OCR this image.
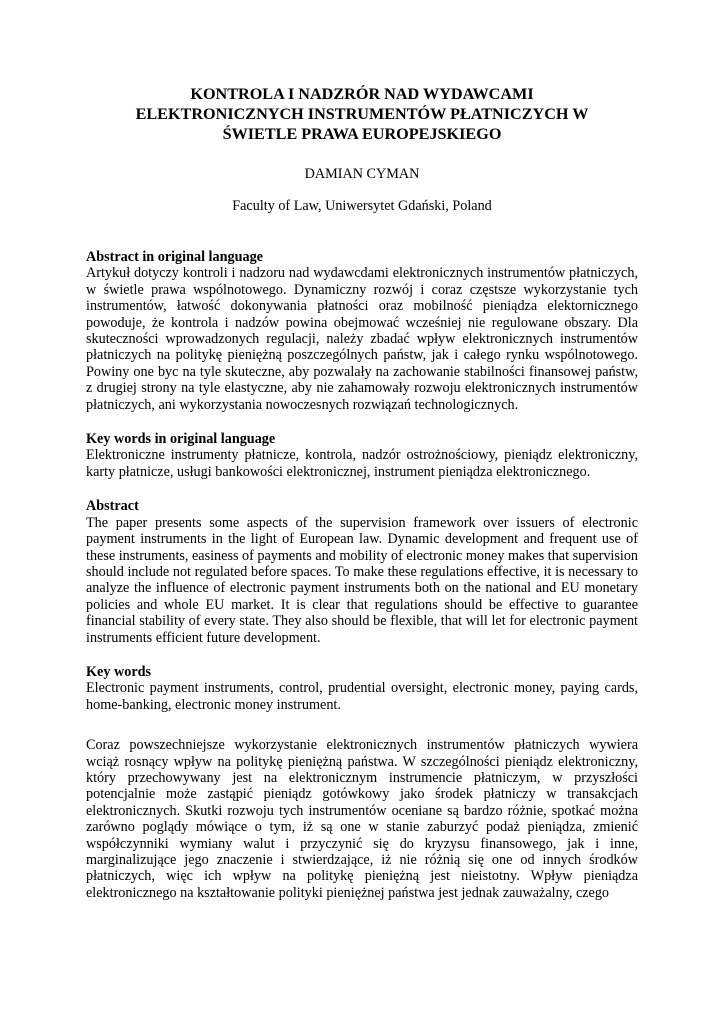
KONTROLA I NADZRÓR NAD WYDAWCAMI
ELEKTRONICZNYCH INSTRUMENTÓW PŁATNICZYCH W
ŚWIETLE PRAWA EUROPEJSKIEGO
DAMIAN CYMAN
Faculty of Law, Uniwersytet Gdański, Poland
Abstract in original language

Artykuł dotyczy kontroli i nadzoru nad wydawcdami elektronicznych instrumentów płatniczych, w świetle prawa wspólnotowego. Dynamiczny rozwój i coraz częstsze wykorzystanie tych instrumentów, łatwość dokonywania płatności oraz mobilność pieniądza elektornicznego powoduje, że kontrola i nadzów powina obejmować wcześniej nie regulowane obszary. Dla skuteczności wprowadzonych regulacji, należy zbadać wpływ elektronicznych instrumentów płatniczych na politykę pieniężną poszczególnych państw, jak i całego rynku wspólnotowego. Powiny one byc na tyle skuteczne, aby pozwalały na zachowanie stabilności finansowej państw, z drugiej strony na tyle elastyczne, aby nie zahamowały rozwoju elektronicznych instrumentów płatniczych, ani wykorzystania nowoczesnych rozwiązań technologicznych.

Key words in original language

Elektroniczne instrumenty płatnicze, kontrola, nadzór ostrożnościowy, pieniądz elektroniczny, karty płatnicze, usługi bankowości elektronicznej, instrument pieniądza elektronicznego.

Abstract

The paper presents some aspects of the supervision framework over issuers of electronic payment instruments in the light of European law. Dynamic development and frequent use of these instruments, easiness of payments and mobility of electronic money makes that supervision should include not regulated before spaces. To make these regulations effective, it is necessary to analyze the influence of electronic payment instruments both on the national and EU monetary policies and whole EU market. It is clear that regulations should be effective to guarantee financial stability of every state. They also should be flexible, that will let for electronic payment instruments efficient future development.

Key words

Electronic payment instruments, control, prudential oversight, electronic money, paying cards, home-banking, electronic money instrument.

Coraz powszechniejsze wykorzystanie elektronicznych instrumentów płatniczych wywiera wciąż rosnący wpływ na politykę pieniężną państwa. W szczególności pieniądz elektroniczny, który przechowywany jest na elektronicznym instrumencie płatniczym, w przyszłości potencjalnie może zastąpić pieniądz gotówkowy jako środek płatniczy w transakcjach elektronicznych. Skutki rozwoju tych instrumentów oceniane są bardzo różnie, spotkać można zarówno poglądy mówiące o tym, iż są one w stanie zaburzyć podaż pieniądza, zmienić współczynniki wymiany walut i przyczynić się do kryzysu finansowego, jak i inne, marginalizujące jego znaczenie i stwierdzające, iż nie różnią się one od innych środków płatniczych, więc ich wpływ na politykę pieniężną jest nieistotny. Wpływ pieniądza elektronicznego na kształtowanie polityki pieniężnej państwa jest jednak zauważalny, czego
